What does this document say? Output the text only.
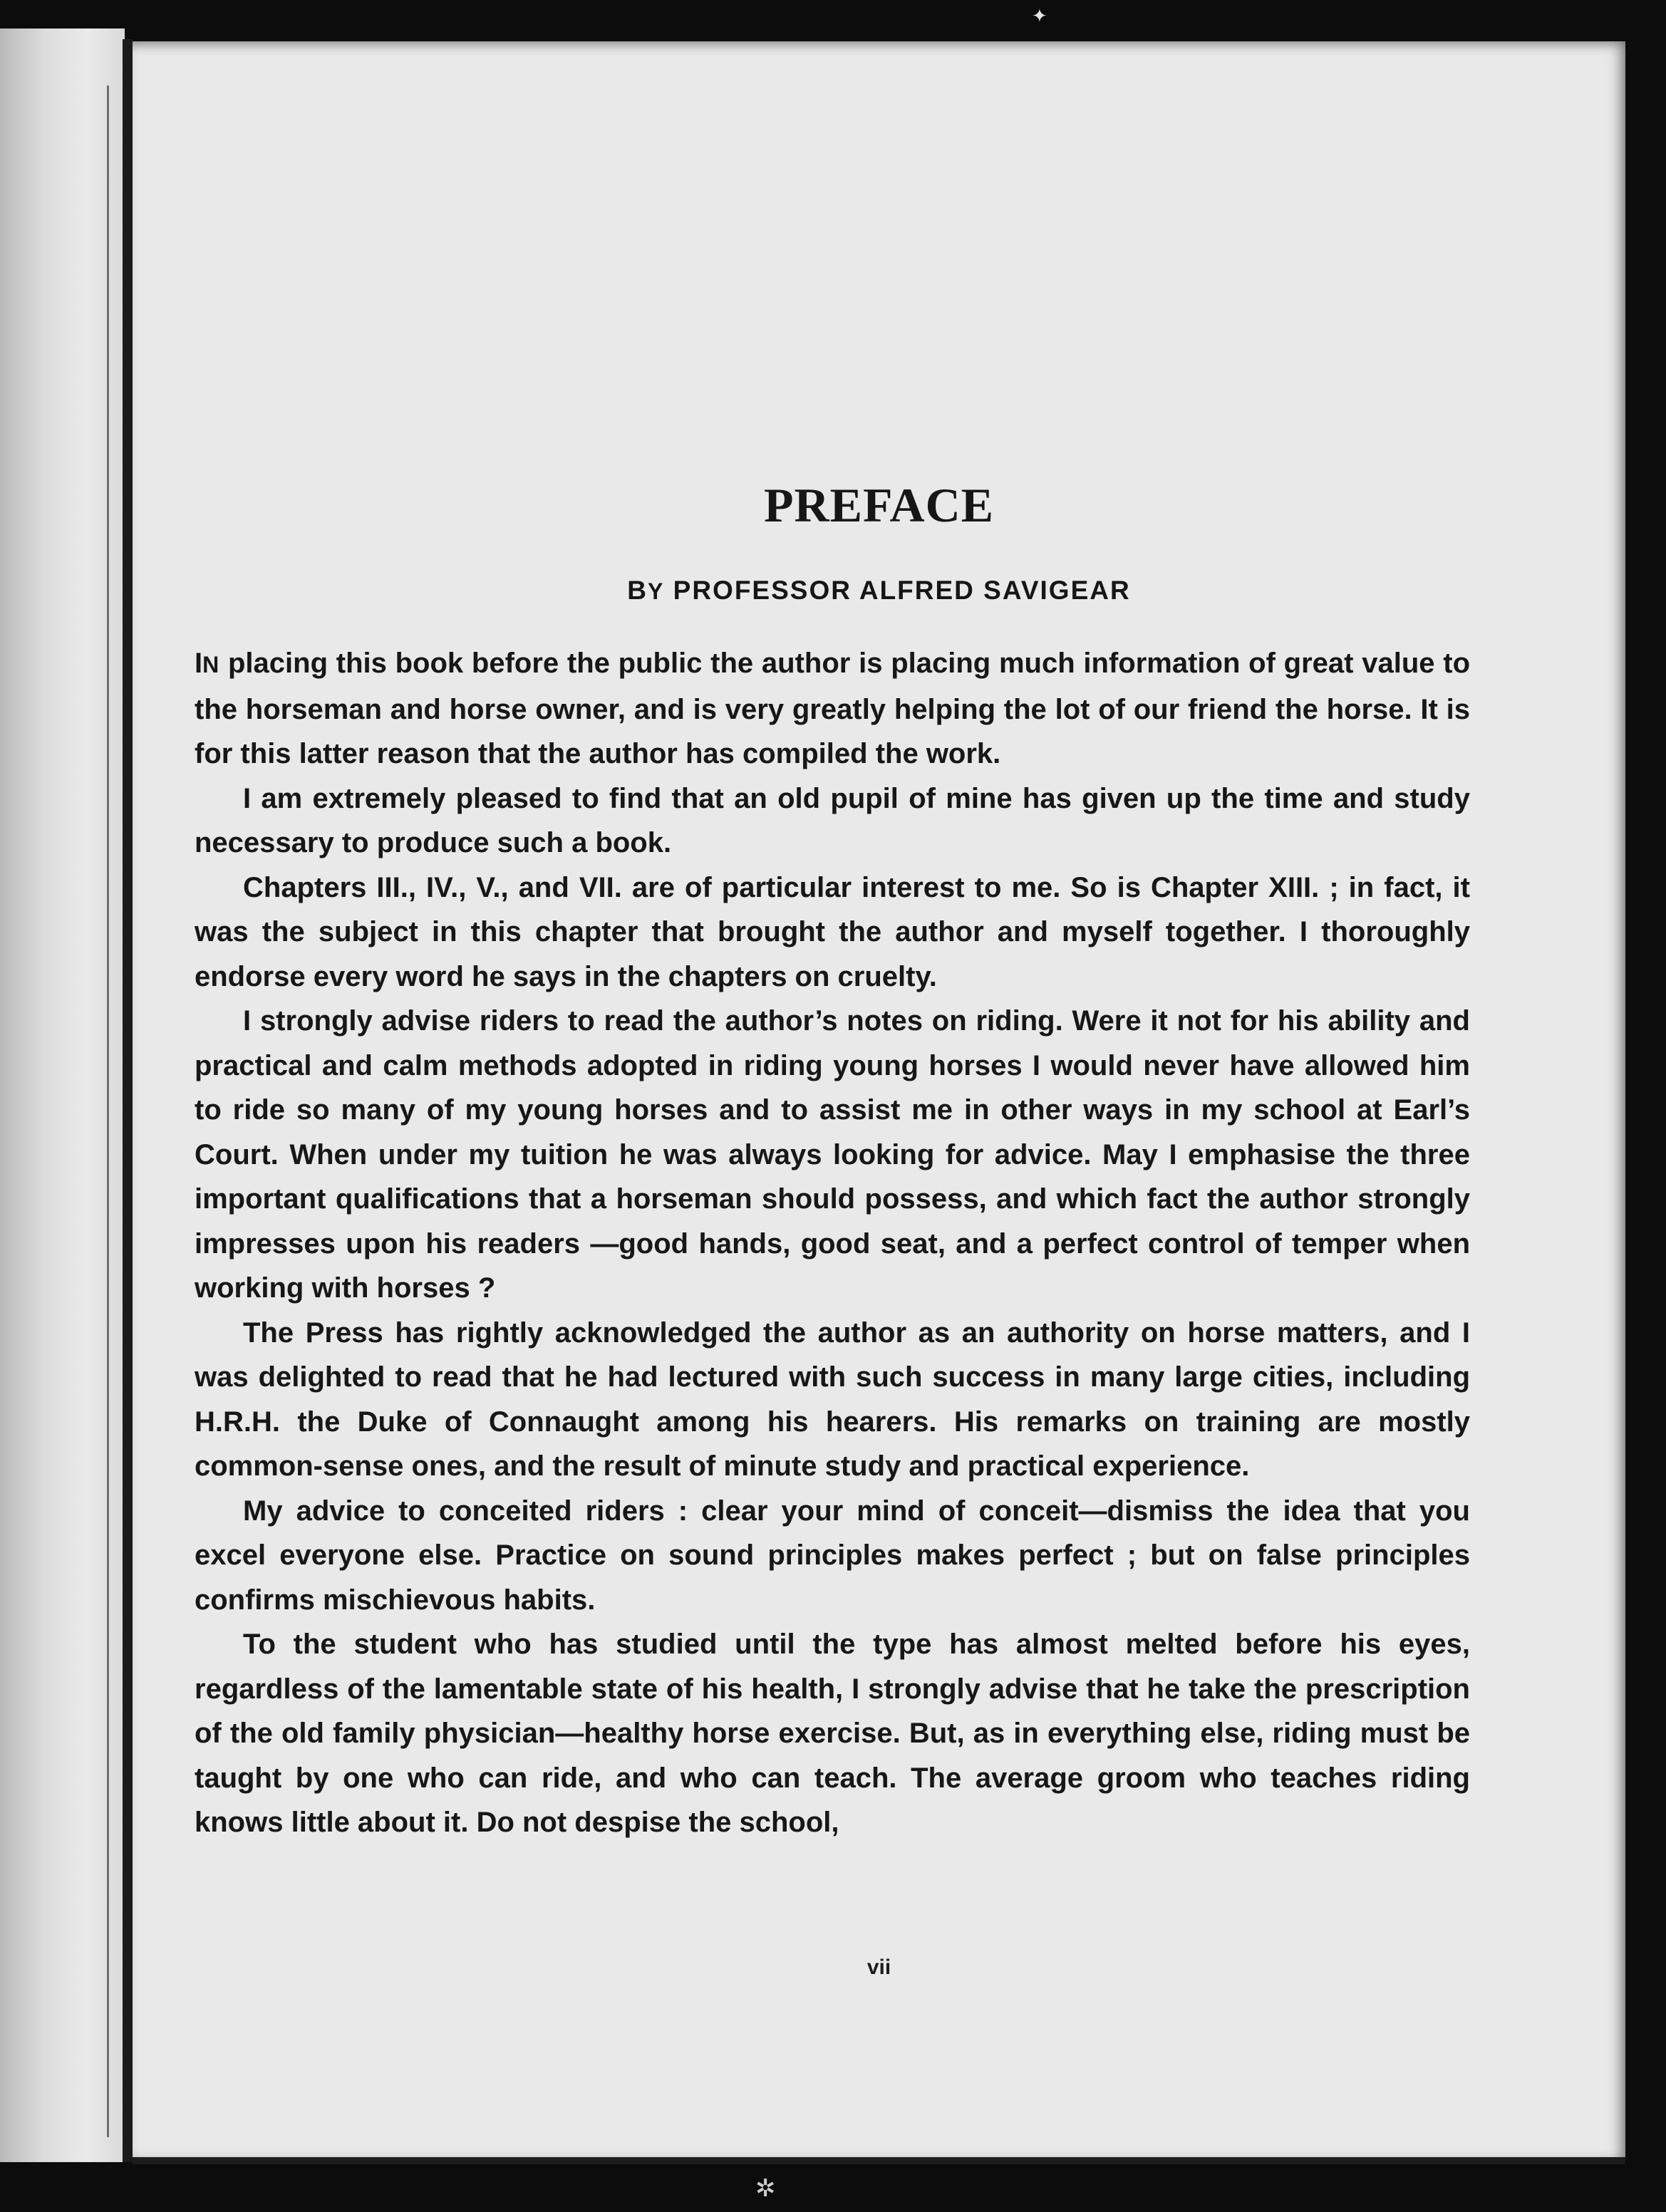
✦
✲
PREFACE
BY PROFESSOR ALFRED SAVIGEAR

IN placing this book before the public the author is placing much information of great value to the horseman and horse owner, and is very greatly helping the lot of our friend the horse. It is for this latter reason that the author has compiled the work.

I am extremely pleased to find that an old pupil of mine has given up the time and study necessary to produce such a book.

Chapters III., IV., V., and VII. are of particular interest to me. So is Chapter XIII. ; in fact, it was the subject in this chapter that brought the author and myself together. I thoroughly endorse every word he says in the chapters on cruelty.

I strongly advise riders to read the author’s notes on riding. Were it not for his ability and practical and calm methods adopted in riding young horses I would never have allowed him to ride so many of my young horses and to assist me in other ways in my school at Earl’s Court. When under my tuition he was always looking for advice. May I emphasise the three important qualifications that a horseman should possess, and which fact the author strongly impresses upon his readers —good hands, good seat, and a perfect control of temper when working with horses ?

The Press has rightly acknowledged the author as an authority on horse matters, and I was delighted to read that he had lectured with such success in many large cities, including H.R.H. the Duke of Connaught among his hearers. His remarks on training are mostly common-sense ones, and the result of minute study and practical experience.

My advice to conceited riders : clear your mind of conceit—dismiss the idea that you excel everyone else. Practice on sound principles makes perfect ; but on false principles confirms mischievous habits.

To the student who has studied until the type has almost melted before his eyes, regardless of the lamentable state of his health, I strongly advise that he take the prescription of the old family physician—healthy horse exercise. But, as in everything else, riding must be taught by one who can ride, and who can teach. The average groom who teaches riding knows little about it. Do not despise the school,

vii
